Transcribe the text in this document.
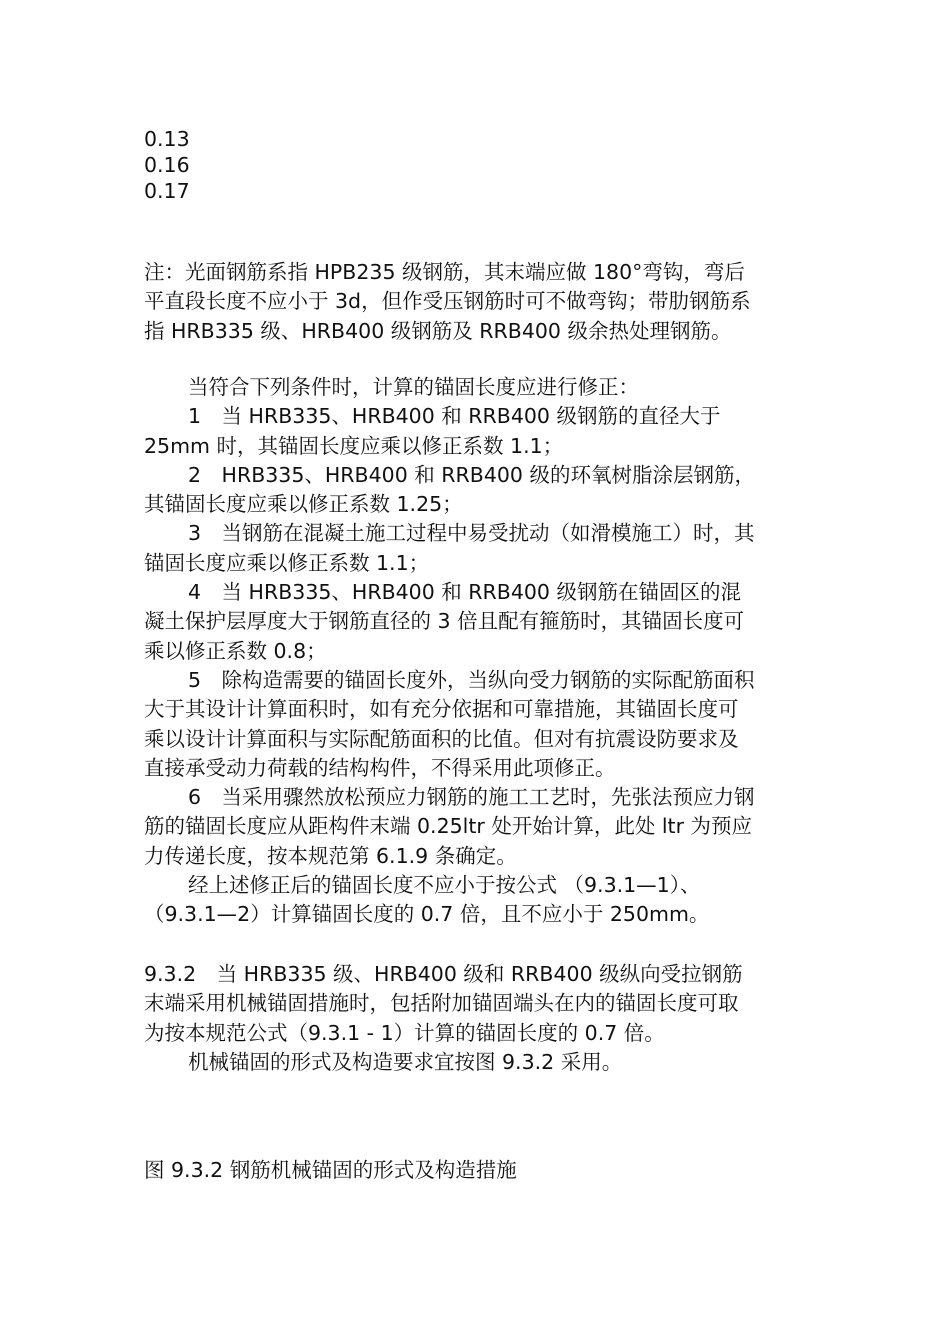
0.13
0.16
0.17
注：光面钢筋系指 HPB235 级钢筋，其末端应做 180°弯钩，弯后
平直段长度不应小于 3d，但作受压钢筋时可不做弯钩；带肋钢筋系
指 HRB335 级、HRB400 级钢筋及 RRB400 级余热处理钢筋。
当符合下列条件时，计算的锚固长度应进行修正：
1　当 HRB335、HRB400 和 RRB400 级钢筋的直径大于
25mm 时，其锚固长度应乘以修正系数 1.1；
2　HRB335、HRB400 和 RRB400 级的环氧树脂涂层钢筋，
其锚固长度应乘以修正系数 1.25；
3　当钢筋在混凝土施工过程中易受扰动（如滑模施工）时，其
锚固长度应乘以修正系数 1.1；
4　当 HRB335、HRB400 和 RRB400 级钢筋在锚固区的混
凝土保护层厚度大于钢筋直径的 3 倍且配有箍筋时，其锚固长度可
乘以修正系数 0.8；
5　除构造需要的锚固长度外，当纵向受力钢筋的实际配筋面积
大于其设计计算面积时，如有充分依据和可靠措施，其锚固长度可
乘以设计计算面积与实际配筋面积的比值。但对有抗震设防要求及
直接承受动力荷载的结构构件，不得采用此项修正。
6　当采用骤然放松预应力钢筋的施工工艺时，先张法预应力钢
筋的锚固长度应从距构件末端 0.25ltr 处开始计算，此处 ltr 为预应
力传递长度，按本规范第 6.1.9 条确定。
经上述修正后的锚固长度不应小于按公式 （9.3.1—1）、
（9.3.1—2）计算锚固长度的 0.7 倍，且不应小于 250mm。
9.3.2　当 HRB335 级、HRB400 级和 RRB400 级纵向受拉钢筋
末端采用机械锚固措施时，包括附加锚固端头在内的锚固长度可取
为按本规范公式（9.3.1 - 1）计算的锚固长度的 0.7 倍。
机械锚固的形式及构造要求宜按图 9.3.2 采用。
图 9.3.2 钢筋机械锚固的形式及构造措施
